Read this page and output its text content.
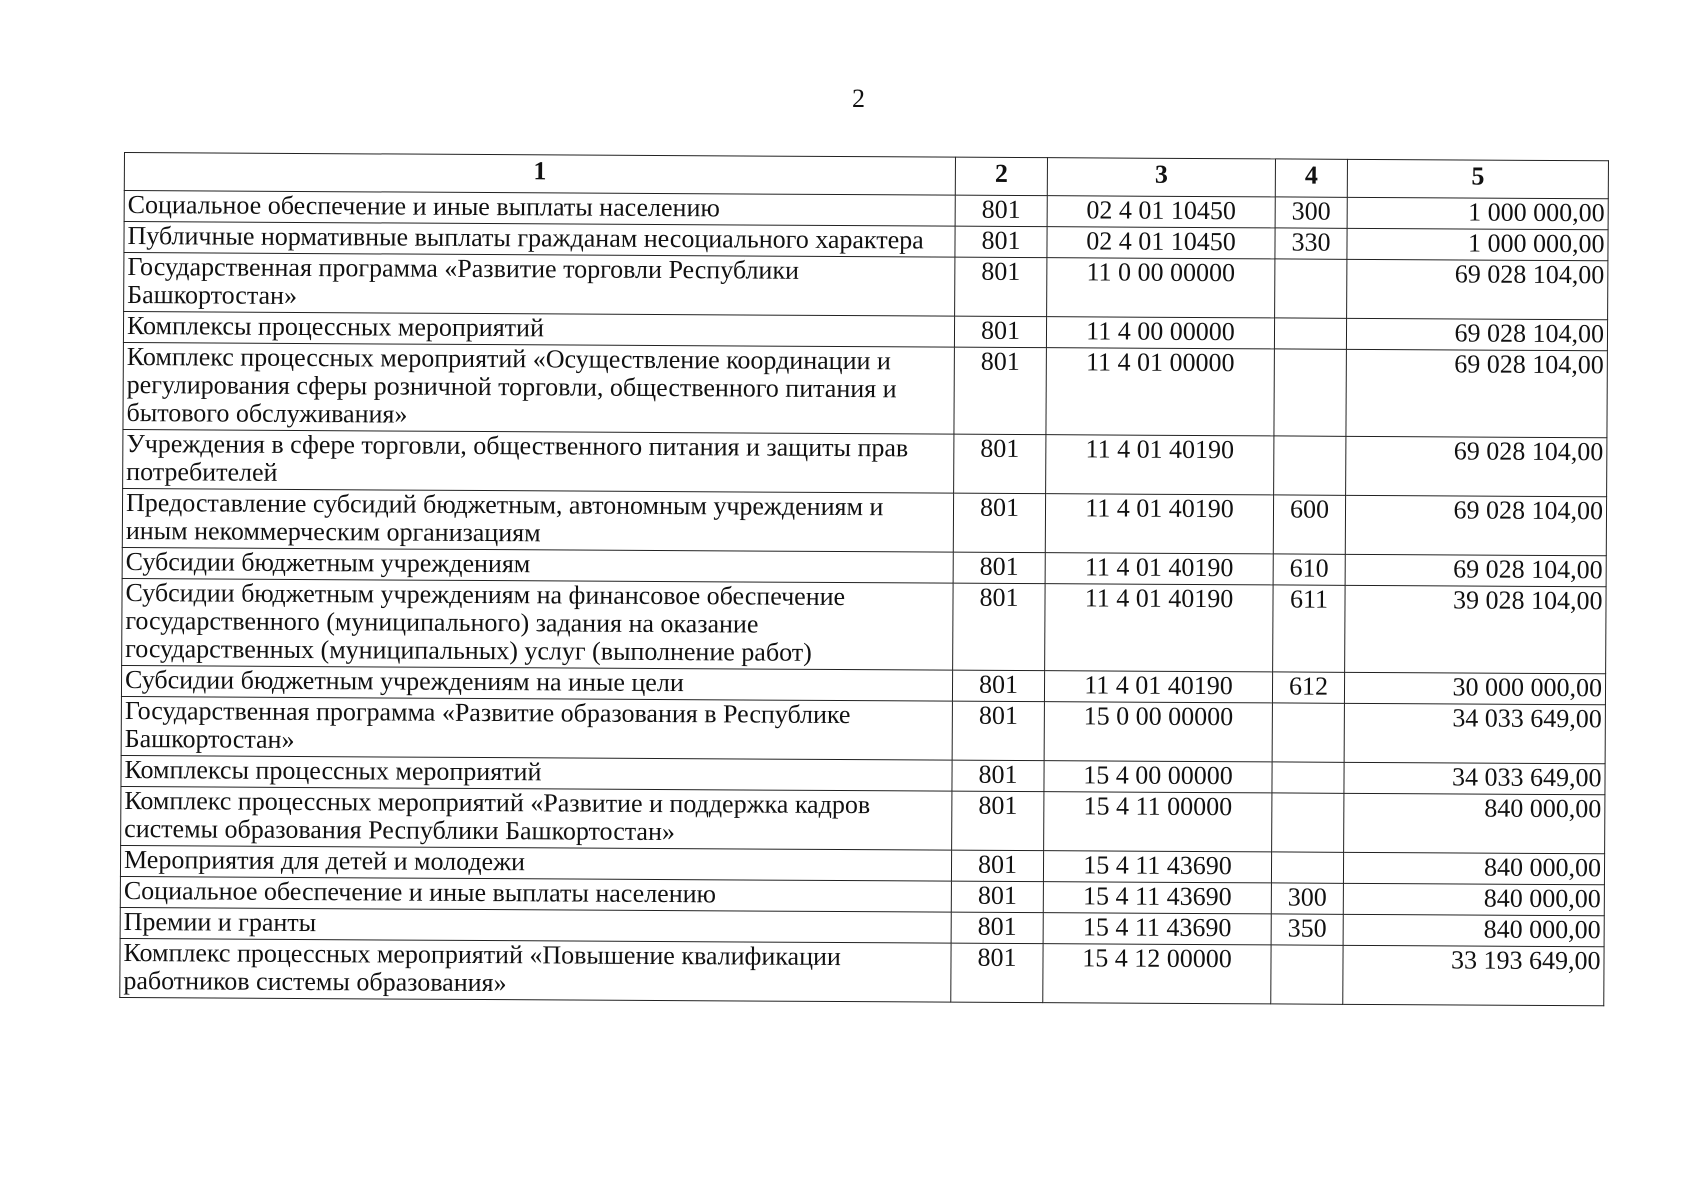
2
1	2	3	4	5
Социальное обеспечение и иные выплаты населению	801	02 4 01 10450	300	1 000 000,00
Публичные нормативные выплаты гражданам несоциального характера	801	02 4 01 10450	330	1 000 000,00
Государственная программа «Развитие торговли Республики Башкортостан»	801	11 0 00 00000		69 028 104,00
Комплексы процессных мероприятий	801	11 4 00 00000		69 028 104,00
Комплекс процессных мероприятий «Осуществление координации и регулирования сферы розничной торговли, общественного питания и бытового обслуживания»	801	11 4 01 00000		69 028 104,00
Учреждения в сфере торговли, общественного питания и защиты прав потребителей	801	11 4 01 40190		69 028 104,00
Предоставление субсидий бюджетным, автономным учреждениям и иным некоммерческим организациям	801	11 4 01 40190	600	69 028 104,00
Субсидии бюджетным учреждениям	801	11 4 01 40190	610	69 028 104,00
Субсидии бюджетным учреждениям на финансовое обеспечение государственного (муниципального) задания на оказание государственных (муниципальных) услуг (выполнение работ)	801	11 4 01 40190	611	39 028 104,00
Субсидии бюджетным учреждениям на иные цели	801	11 4 01 40190	612	30 000 000,00
Государственная программа «Развитие образования в Республике Башкортостан»	801	15 0 00 00000		34 033 649,00
Комплексы процессных мероприятий	801	15 4 00 00000		34 033 649,00
Комплекс процессных мероприятий «Развитие и поддержка кадров системы образования Республики Башкортостан»	801	15 4 11 00000		840 000,00
Мероприятия для детей и молодежи	801	15 4 11 43690		840 000,00
Социальное обеспечение и иные выплаты населению	801	15 4 11 43690	300	840 000,00
Премии и гранты	801	15 4 11 43690	350	840 000,00
Комплекс процессных мероприятий «Повышение квалификации работников системы образования»	801	15 4 12 00000		33 193 649,00
